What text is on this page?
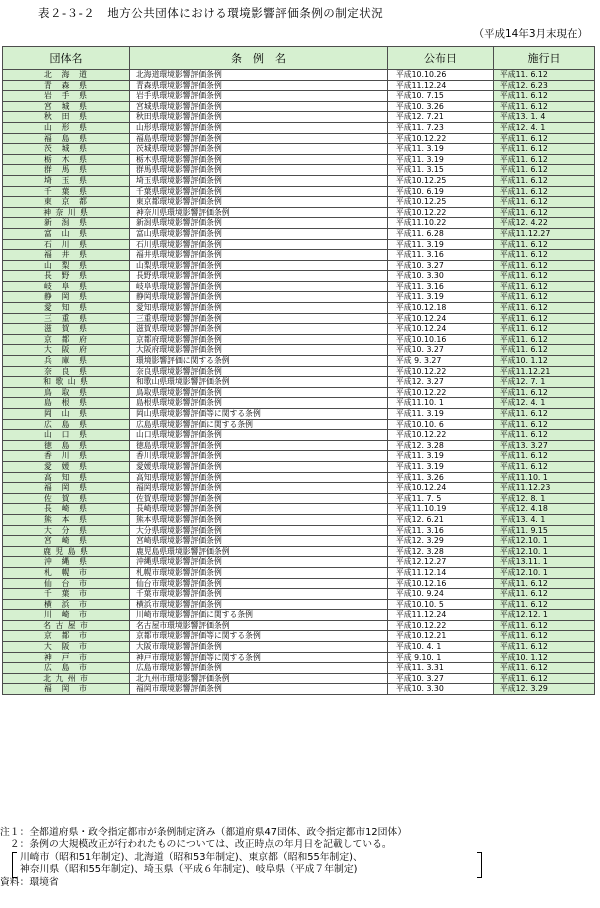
表２-３-２　地方公共団体における環境影響評価条例の制定状況
（平成14年3月末現在）
団体名	条　例　名	公布日	施行日
北　海　道	北海道環境影響評価条例	平成10.10.26	平成11. 6.12
青　森　県	青森県環境影響評価条例	平成11.12.24	平成12. 6.23
岩　手　県	岩手県環境影響評価条例	平成10. 7.15	平成11. 6.12
宮　城　県	宮城県環境影響評価条例	平成10. 3.26	平成11. 6.12
秋　田　県	秋田県環境影響評価条例	平成12. 7.21	平成13. 1. 4
山　形　県	山形県環境影響評価条例	平成11. 7.23	平成12. 4. 1
福　島　県	福島県環境影響評価条例	平成10.12.22	平成11. 6.12
茨　城　県	茨城県環境影響評価条例	平成11. 3.19	平成11. 6.12
栃　木　県	栃木県環境影響評価条例	平成11. 3.19	平成11. 6.12
群　馬　県	群馬県環境影響評価条例	平成11. 3.15	平成11. 6.12
埼　玉　県	埼玉県環境影響評価条例	平成10.12.25	平成11. 6.12
千　葉　県	千葉県環境影響評価条例	平成10. 6.19	平成11. 6.12
東　京　都	東京都環境影響評価条例	平成10.12.25	平成11. 6.12
神 奈 川 県	神奈川県環境影響評価条例	平成10.12.22	平成11. 6.12
新　潟　県	新潟県環境影響評価条例	平成11.10.22	平成12. 4.22
富　山　県	富山県環境影響評価条例	平成11. 6.28	平成11.12.27
石　川　県	石川県環境影響評価条例	平成11. 3.19	平成11. 6.12
福　井　県	福井県環境影響評価条例	平成11. 3.16	平成11. 6.12
山　梨　県	山梨県環境影響評価条例	平成10. 3.27	平成11. 6.12
長　野　県	長野県環境影響評価条例	平成10. 3.30	平成11. 6.12
岐　阜　県	岐阜県環境影響評価条例	平成11. 3.16	平成11. 6.12
静　岡　県	静岡県環境影響評価条例	平成11. 3.19	平成11. 6.12
愛　知　県	愛知県環境影響評価条例	平成10.12.18	平成11. 6.12
三　重　県	三重県環境影響評価条例	平成10.12.24	平成11. 6.12
滋　賀　県	滋賀県環境影響評価条例	平成10.12.24	平成11. 6.12
京　都　府	京都府環境影響評価条例	平成10.10.16	平成11. 6.12
大　阪　府	大阪府環境影響評価条例	平成10. 3.27	平成11. 6.12
兵　庫　県	環境影響評価に関する条例	平成 9. 3.27	平成10. 1.12
奈　良　県	奈良県環境影響評価条例	平成10.12.22	平成11.12.21
和 歌 山 県	和歌山県環境影響評価条例	平成12. 3.27	平成12. 7. 1
鳥　取　県	鳥取県環境影響評価条例	平成10.12.22	平成11. 6.12
島　根　県	島根県環境影響評価条例	平成11.10. 1	平成12. 4. 1
岡　山　県	岡山県環境影響評価等に関する条例	平成11. 3.19	平成11. 6.12
広　島　県	広島県環境影響評価に関する条例	平成10.10. 6	平成11. 6.12
山　口　県	山口県環境影響評価条例	平成10.12.22	平成11. 6.12
徳　島　県	徳島県環境影響評価条例	平成12. 3.28	平成13. 3.27
香　川　県	香川県環境影響評価条例	平成11. 3.19	平成11. 6.12
愛　媛　県	愛媛県環境影響評価条例	平成11. 3.19	平成11. 6.12
高　知　県	高知県環境影響評価条例	平成11. 3.26	平成11.10. 1
福　岡　県	福岡県環境影響評価条例	平成10.12.24	平成11.12.23
佐　賀　県	佐賀県環境影響評価条例	平成11. 7. 5	平成12. 8. 1
長　崎　県	長崎県環境影響評価条例	平成11.10.19	平成12. 4.18
熊　本　県	熊本県環境影響評価条例	平成12. 6.21	平成13. 4. 1
大　分　県	大分県環境影響評価条例	平成11. 3.16	平成11. 9.15
宮　崎　県	宮崎県環境影響評価条例	平成12. 3.29	平成12.10. 1
鹿 児 島 県	鹿児島県環境影響評価条例	平成12. 3.28	平成12.10. 1
沖　縄　県	沖縄県環境影響評価条例	平成12.12.27	平成13.11. 1
札　幌　市	札幌市環境影響評価条例	平成11.12.14	平成12.10. 1
仙　台　市	仙台市環境影響評価条例	平成10.12.16	平成11. 6.12
千　葉　市	千葉市環境影響評価条例	平成10. 9.24	平成11. 6.12
横　浜　市	横浜市環境影響評価条例	平成10.10. 5	平成11. 6.12
川　崎　市	川崎市環境影響評価に関する条例	平成11.12.24	平成12.12. 1
名 古 屋 市	名古屋市環境影響評価条例	平成10.12.22	平成11. 6.12
京　都　市	京都市環境影響評価等に関する条例	平成10.12.21	平成11. 6.12
大　阪　市	大阪市環境影響評価条例	平成10. 4. 1	平成11. 6.12
神　戸　市	神戸市環境影響評価等に関する条例	平成 9.10. 1	平成10. 1.12
広　島　市	広島市環境影響評価条例	平成11. 3.31	平成11. 6.12
北 九 州 市	北九州市環境影響評価条例	平成10. 3.27	平成11. 6.12
福　岡　市	福岡市環境影響評価条例	平成10. 3.30	平成12. 3.29
注１：全都道府県・政令指定都市が条例制定済み（都道府県47団体、政令指定都市12団体）
　２：条例の大規模改正が行われたものについては、改正時点の年月日を記載している。
川崎市（昭和51年制定)、北海道（昭和53年制定)、東京都（昭和55年制定)、
神奈川県（昭和55年制定)、埼玉県（平成６年制定)、岐阜県（平成７年制定)
資料：環境省
